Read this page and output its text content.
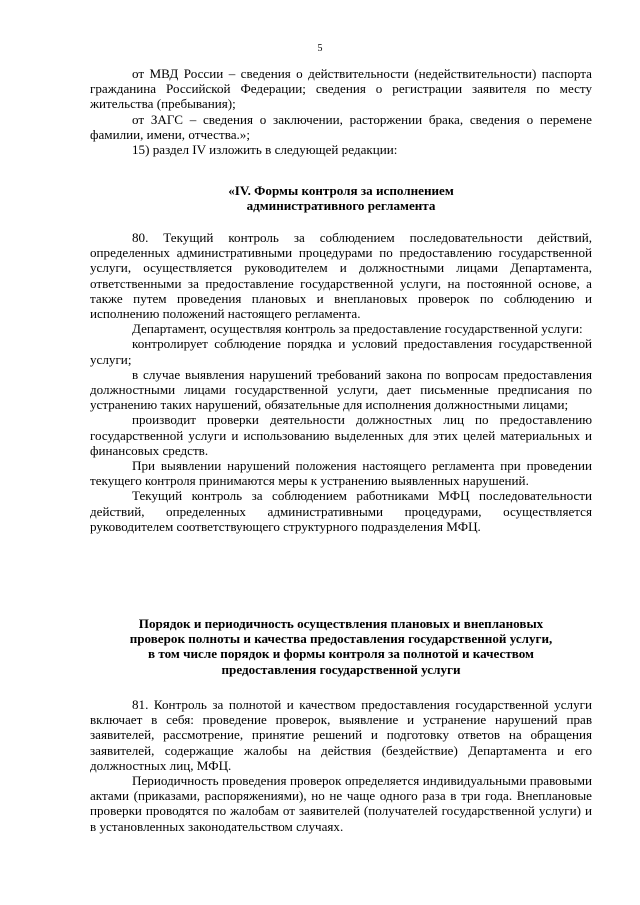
5

от МВД России – сведения о действительности (недействительности) паспорта гражданина Российской Федерации; сведения о регистрации заявителя по месту жительства (пребывания);

от ЗАГС – сведения о заключении, расторжении брака, сведения о перемене фамилии, имени, отчества.»;

15) раздел IV изложить в следующей редакции:

«IV. Формы контроля за исполнением
административного регламента

80. Текущий контроль за соблюдением последовательности действий, определенных административными процедурами по предоставлению государственной услуги, осуществляется руководителем и должностными лицами Департамента, ответственными за предоставление государственной услуги, на постоянной основе, а также путем проведения плановых и внеплановых проверок по соблюдению и исполнению положений настоящего регламента.

Департамент, осуществляя контроль за предоставление государственной услуги:

контролирует соблюдение порядка и условий предоставления государственной услуги;

в случае выявления нарушений требований закона по вопросам предоставления должностными лицами государственной услуги, дает письменные предписания по устранению таких нарушений, обязательные для исполнения должностными лицами;

производит проверки деятельности должностных лиц по предоставлению государственной услуги и использованию выделенных для этих целей материальных и финансовых средств.

При выявлении нарушений положения настоящего регламента при проведении текущего контроля принимаются меры к устранению выявленных нарушений.

Текущий контроль за соблюдением работниками МФЦ последовательности действий, определенных административными процедурами, осуществляется руководителем соответствующего структурного подразделения МФЦ.

Порядок и периодичность осуществления плановых и внеплановых
проверок полноты и качества предоставления государственной услуги,
в том числе порядок и формы контроля за полнотой и качеством
предоставления государственной услуги

81. Контроль за полнотой и качеством предоставления государственной услуги включает в себя: проведение проверок, выявление и устранение нарушений прав заявителей, рассмотрение, принятие решений и подготовку ответов на обращения заявителей, содержащие жалобы на действия (бездействие) Департамента и его должностных лиц, МФЦ.

Периодичность проведения проверок определяется индивидуальными правовыми актами (приказами, распоряжениями), но не чаще одного раза в три года. Внеплановые проверки проводятся по жалобам от заявителей (получателей государственной услуги) и в установленных законодательством случаях.
